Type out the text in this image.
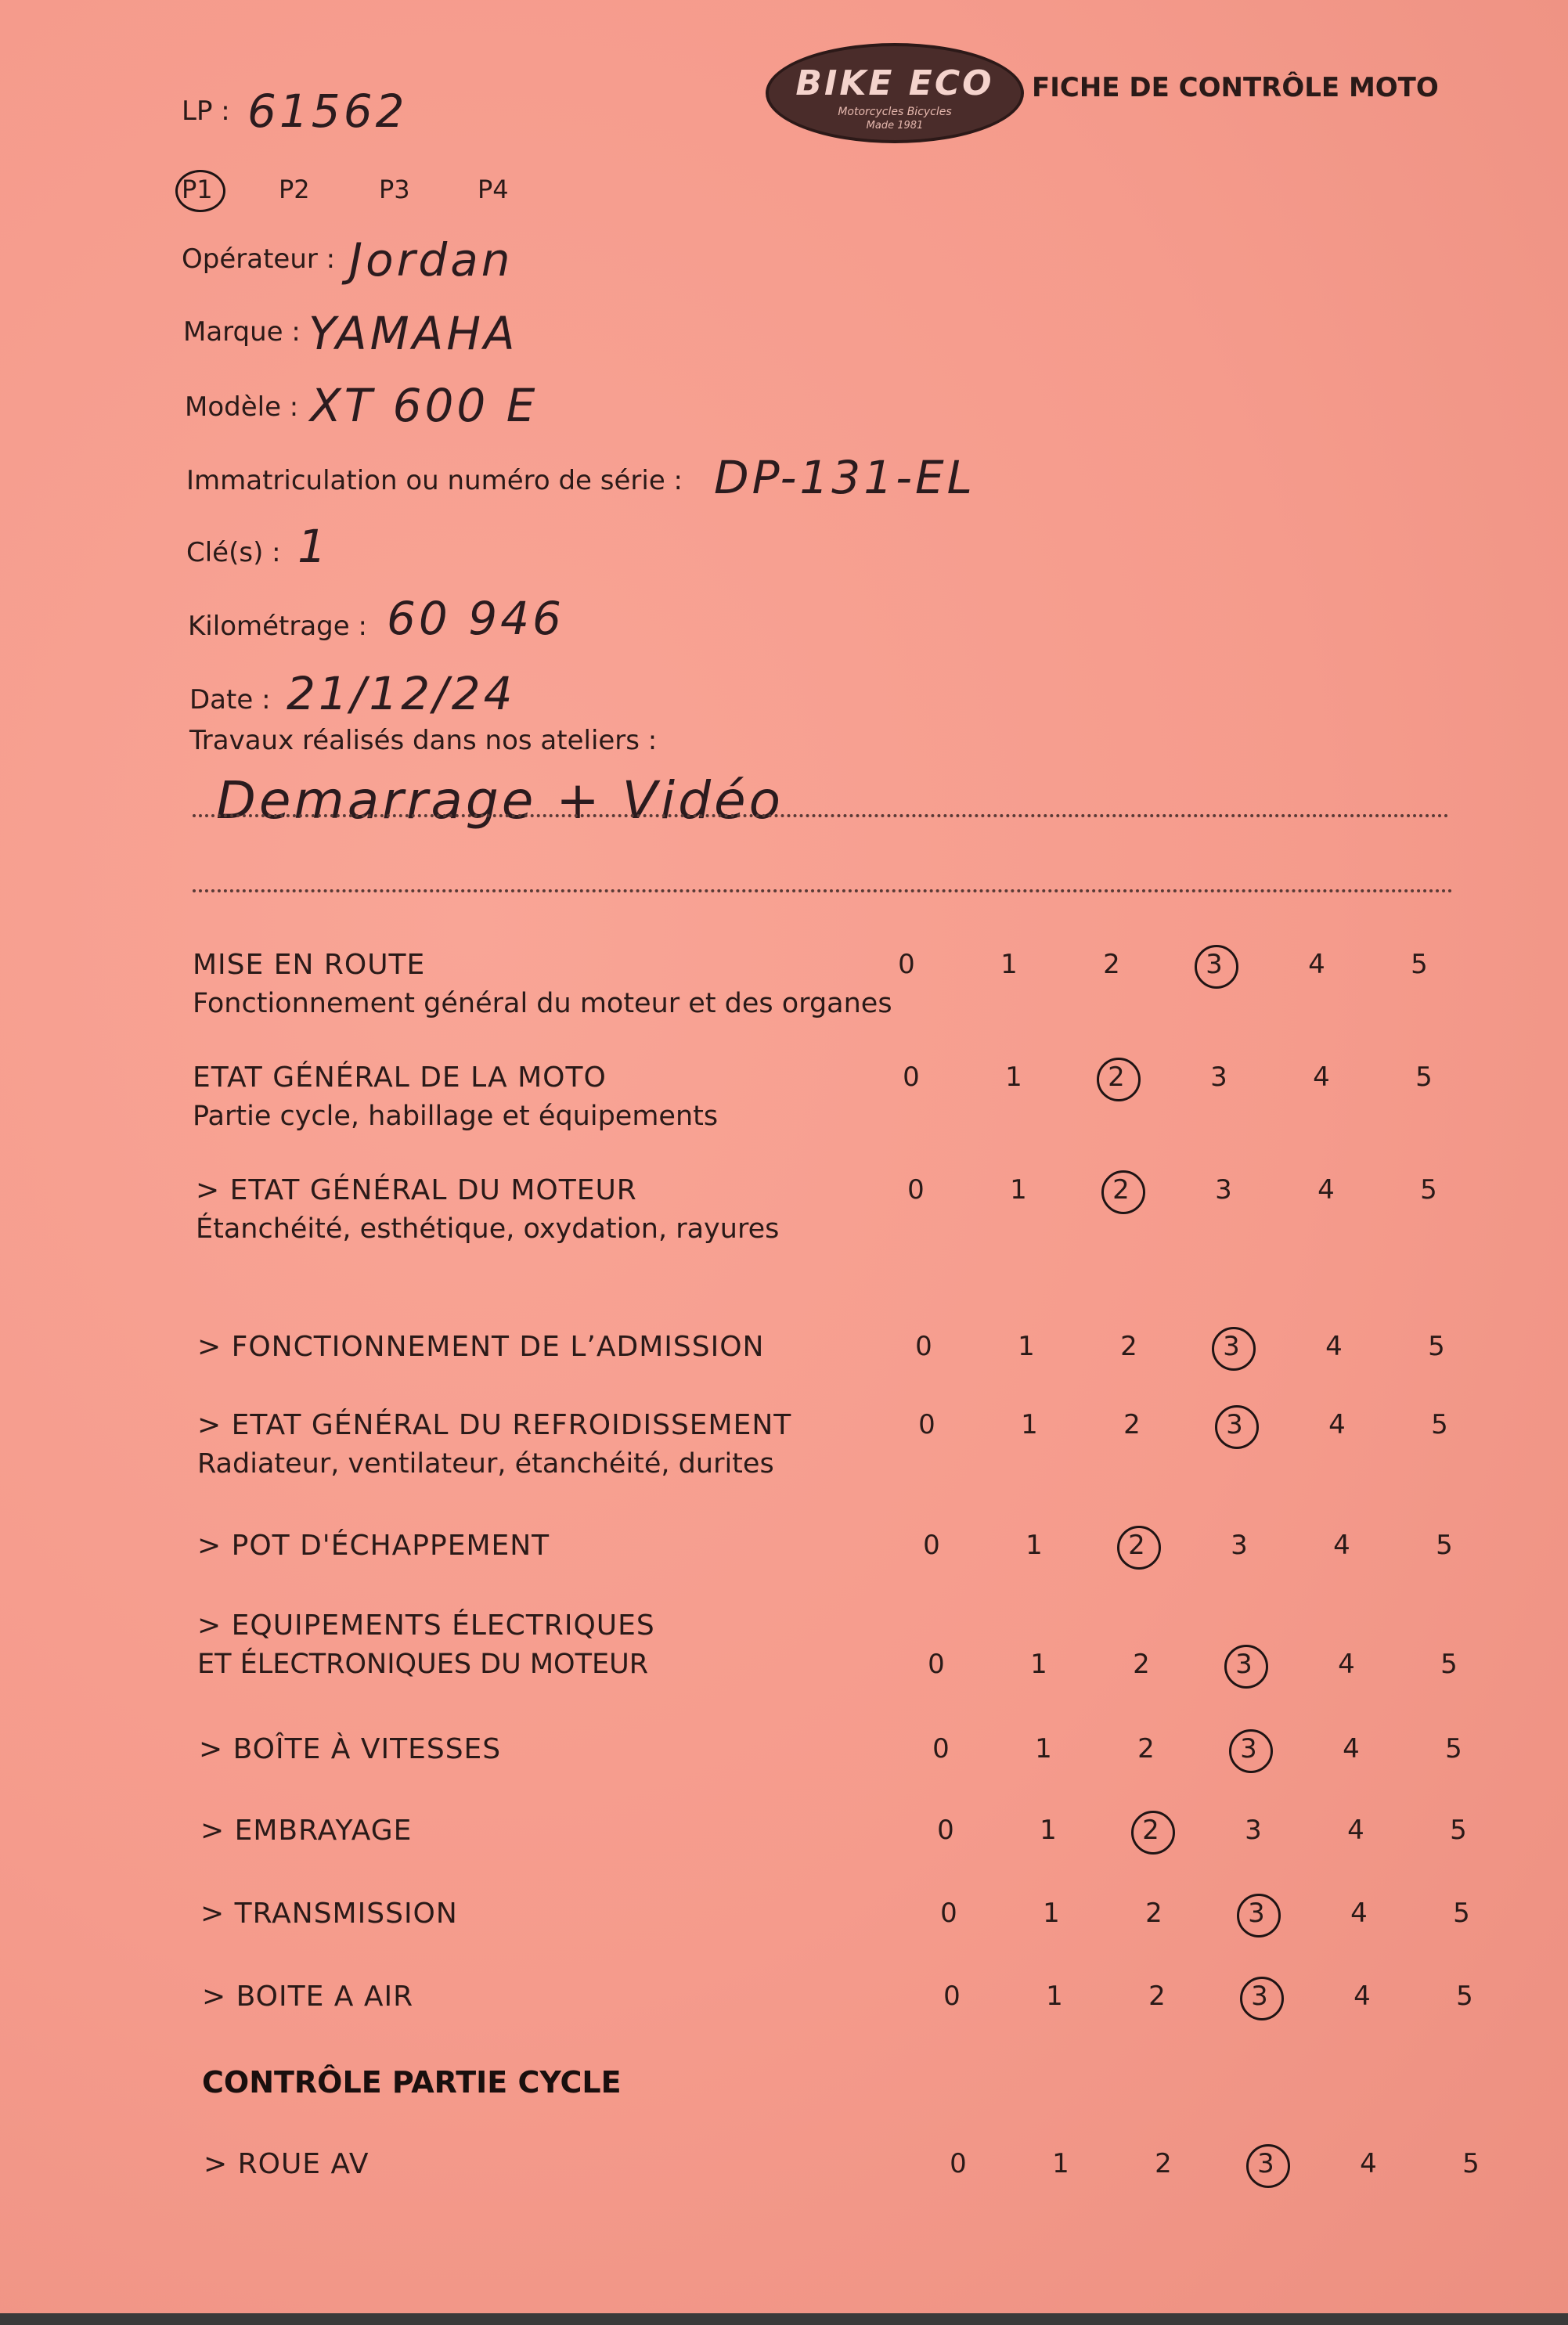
BIKE ECO
Motorcycles Bicycles
Made 1981
FICHE DE CONTRÔLE MOTO
LP : 61562
P1	P2	P3	P4
Opérateur : Jordan
Marque : YAMAHA
Modèle : XT 600 E
Immatriculation ou numéro de série : DP-131-EL
Clé(s) : 1
Kilométrage : 60 946
Date : 21/12/24
Travaux réalisés dans nos ateliers :
Demarrage + Vidéo
MISE EN ROUTE
Fonctionnement général du moteur et des organes
0	1	2	3	4	5
ETAT GÉNÉRAL DE LA MOTO
Partie cycle, habillage et équipements
0	1	2	3	4	5
> ETAT GÉNÉRAL DU MOTEUR
Étanchéité, esthétique, oxydation, rayures
0	1	2	3	4	5
> FONCTIONNEMENT DE L’ADMISSION	0	1	2	3	4	5
> ETAT GÉNÉRAL DU REFROIDISSEMENT
Radiateur, ventilateur, étanchéité, durites
0	1	2	3	4	5
> POT D'ÉCHAPPEMENT	0	1	2	3	4	5
> EQUIPEMENTS ÉLECTRIQUES
ET ÉLECTRONIQUES DU MOTEUR	0	1	2	3	4	5
> BOÎTE À VITESSES	0	1	2	3	4	5
> EMBRAYAGE	0	1	2	3	4	5
> TRANSMISSION	0	1	2	3	4	5
> BOITE A AIR	0	1	2	3	4	5
CONTRÔLE PARTIE CYCLE
> ROUE AV	0	1	2	3	4	5
